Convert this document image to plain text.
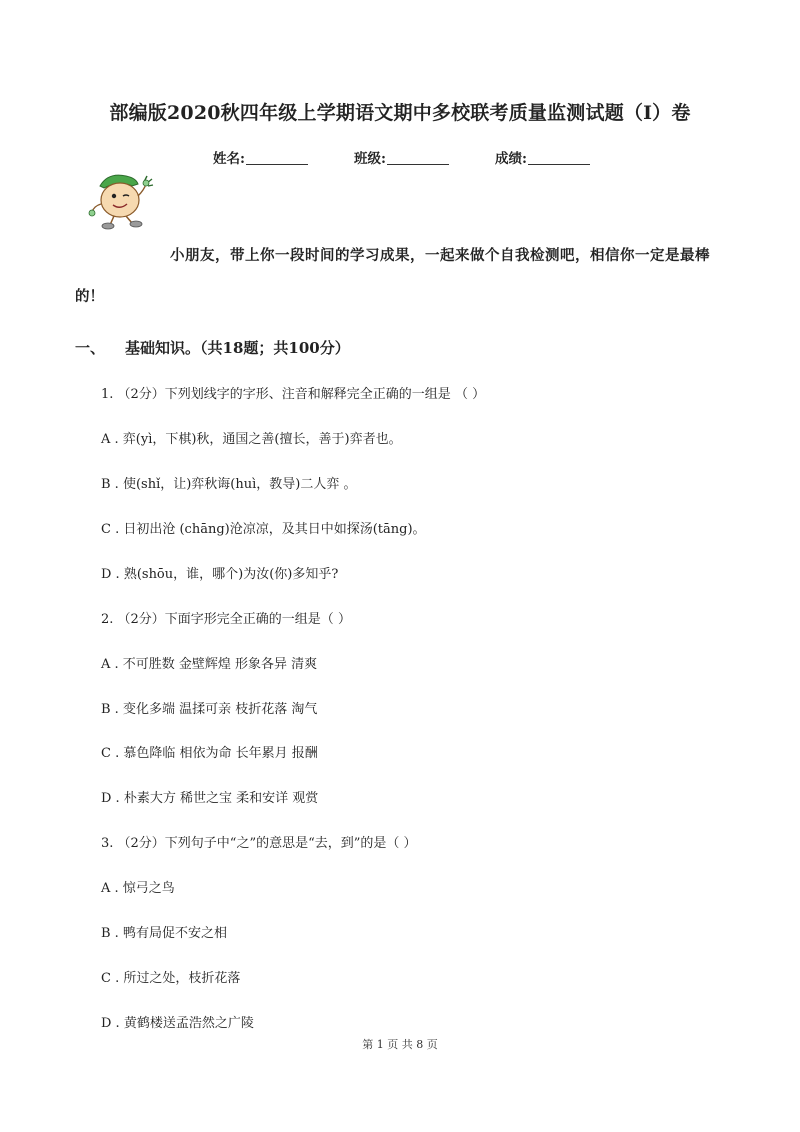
部编版2020秋四年级上学期语文期中多校联考质量监测试题（I）卷
姓名:	班级:	成绩:
小朋友，带上你一段时间的学习成果，一起来做个自我检测吧，相信你一定是最棒
的！
一、 基础知识。（共18题；共100分）
1. （2分）下列划线字的字形、注音和解释完全正确的一组是 （ ）
A . 弈(yì，下棋)秋，通国之善(擅长，善于)弈者也。
B . 使(shǐ，让)弈秋诲(huì，教导)二人弈 。
C . 日初出沧 (chāng)沧凉凉，及其日中如探汤(tāng)。
D . 熟(shōu，谁，哪个)为汝(你)多知乎?
2. （2分）下面字形完全正确的一组是（ ）
A . 不可胜数 金壁辉煌 形象各异 清爽
B . 变化多端 温揉可亲 枝折花落 淘气
C . 慕色降临 相依为命 长年累月 报酬
D . 朴素大方 稀世之宝 柔和安详 观赏
3. （2分）下列句子中“之”的意思是“去，到”的是（ ）
A . 惊弓之鸟
B . 鸭有局促不安之相
C . 所过之处，枝折花落
D . 黄鹤楼送孟浩然之广陵
第 1 页 共 8 页
